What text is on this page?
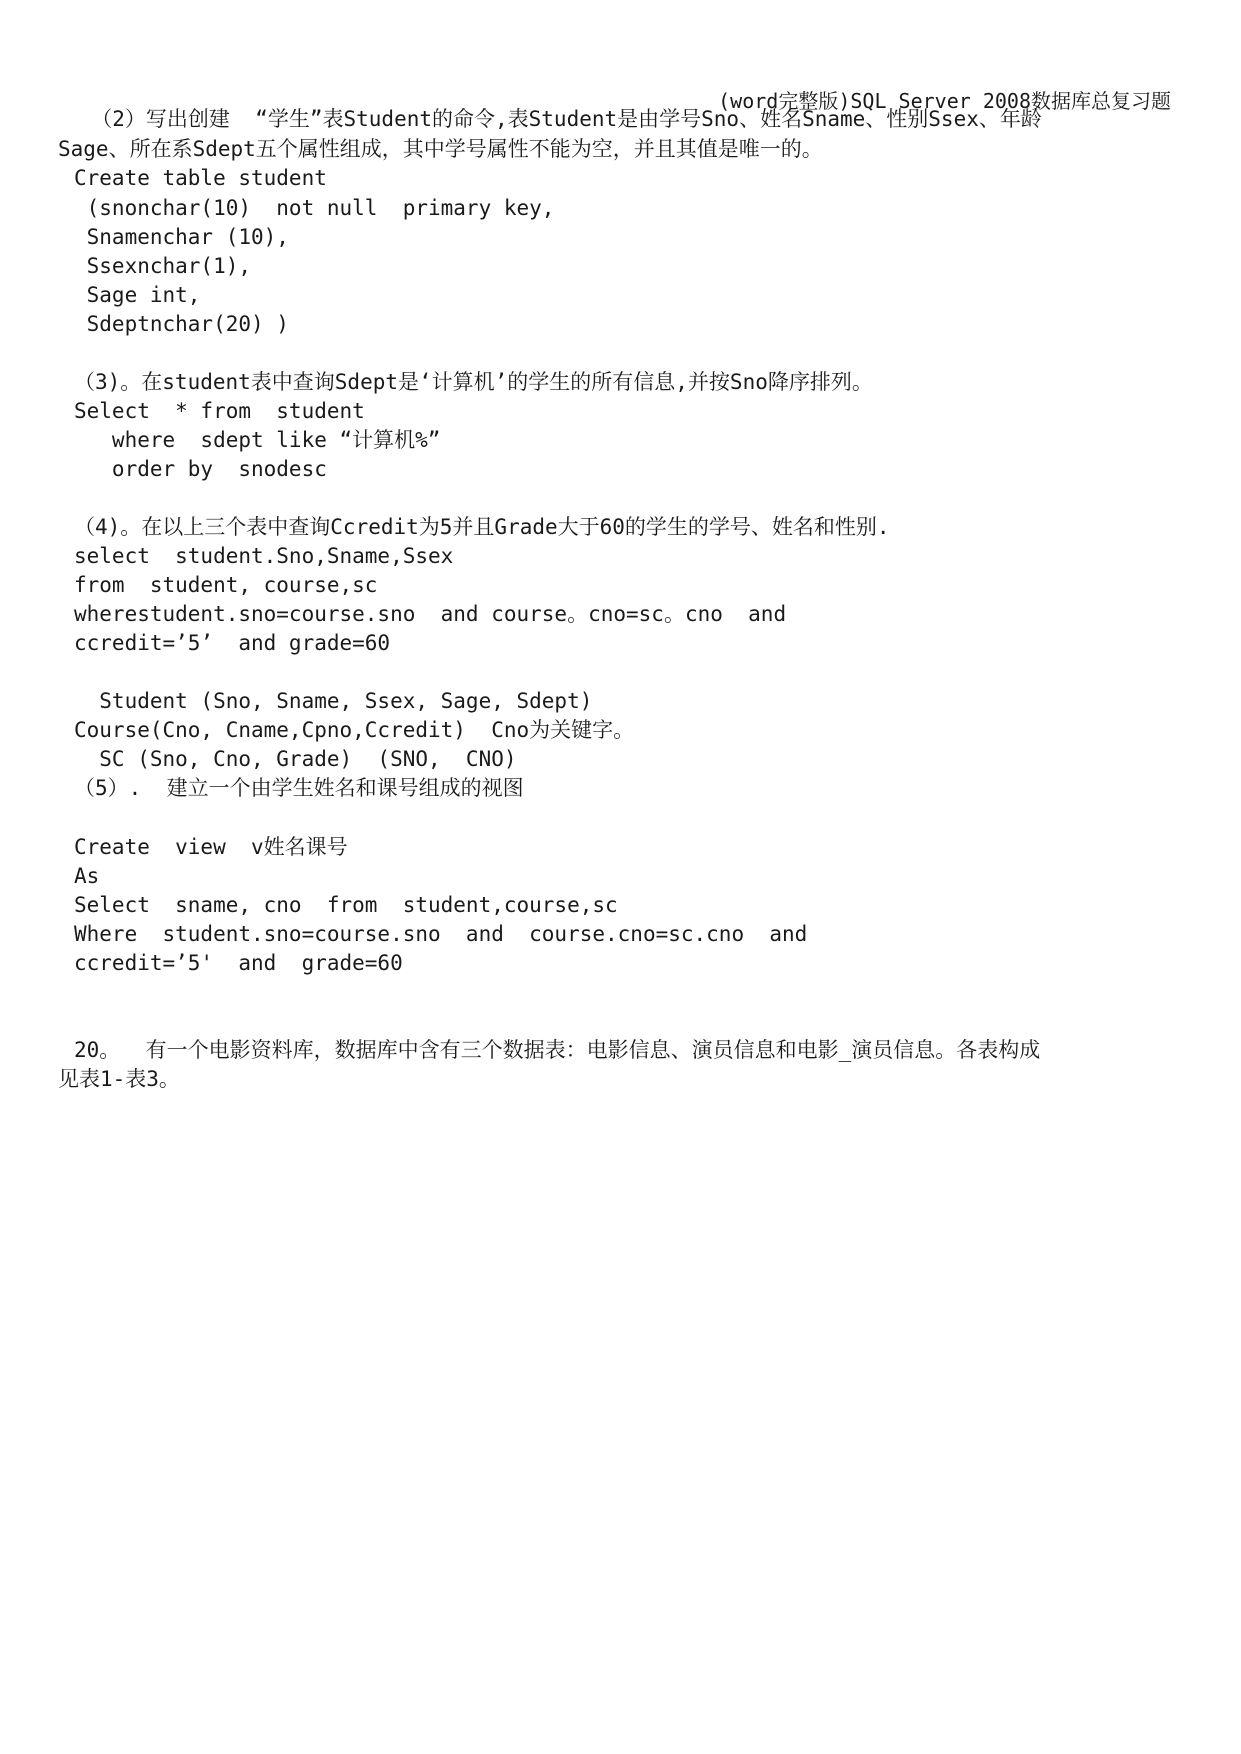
(word完整版)SQL Server 2008数据库总复习题
（2）写出创建  “学生”表Student的命令,表Student是由学号Sno、姓名Sname、性别Ssex、年龄
Sage、所在系Sdept五个属性组成，其中学号属性不能为空，并且其值是唯一的。
Create table student
(snonchar(10)  not null  primary key,
Snamenchar (10),
Ssexnchar(1),
Sage int,
Sdeptnchar(20) )
（3)。在student表中查询Sdept是‘计算机’的学生的所有信息,并按Sno降序排列。
Select  * from  student
where  sdept like “计算机%”
order by  snodesc
（4)。在以上三个表中查询Ccredit为5并且Grade大于60的学生的学号、姓名和性别.
select  student.Sno,Sname,Ssex
from  student, course,sc
wherestudent.sno=course.sno  and course。cno=sc。cno  and
ccredit=’5’  and grade=60
Student (Sno, Sname, Ssex, Sage, Sdept)
Course(Cno, Cname,Cpno,Ccredit)  Cno为关键字。
SC (Sno, Cno, Grade)  (SNO,  CNO)
（5）.  建立一个由学生姓名和课号组成的视图
Create  view  v姓名课号
As
Select  sname, cno  from  student,course,sc
Where  student.sno=course.sno  and  course.cno=sc.cno  and
ccredit=’5'  and  grade=60
20。  有一个电影资料库，数据库中含有三个数据表：电影信息、演员信息和电影_演员信息。各表构成
见表1-表3。
